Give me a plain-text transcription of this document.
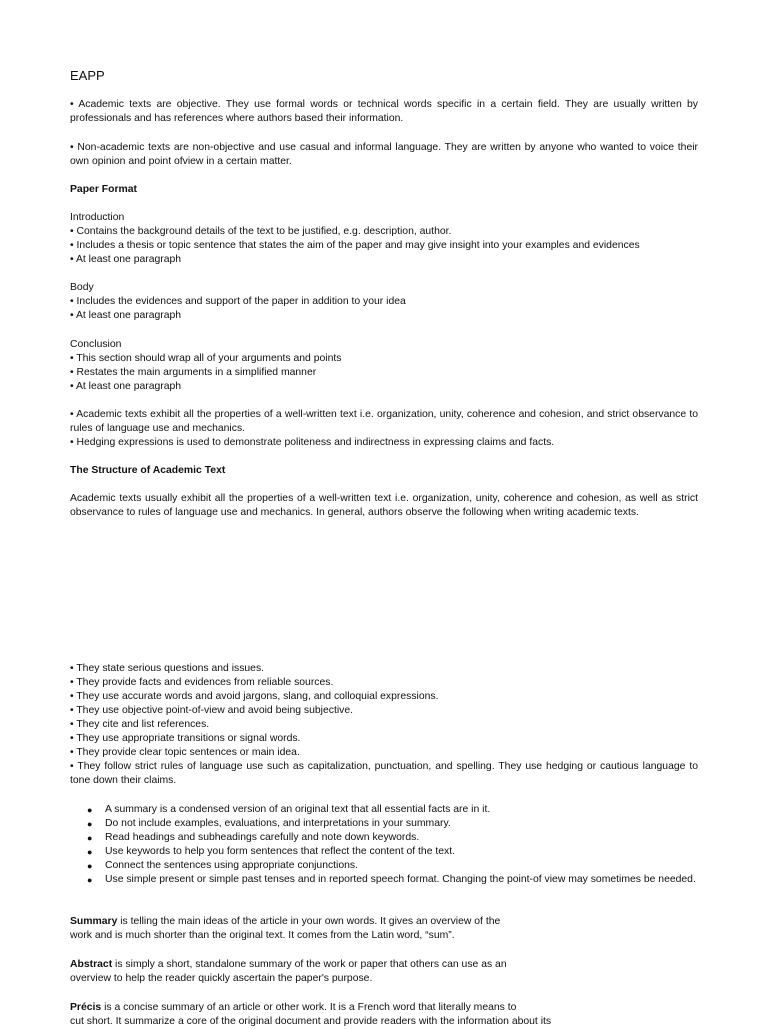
EAPP

• Academic texts are objective. They use formal words or technical words specific in a certain field. They are usually written by professionals and has references where authors based their information.

• Non-academic texts are non-objective and use casual and informal language. They are written by anyone who wanted to voice their own opinion and point ofview in a certain matter.

Paper Format
Introduction
• Contains the background details of the text to be justified, e.g. description, author.
• Includes a thesis or topic sentence that states the aim of the paper and may give insight into your examples and evidences
• At least one paragraph
Body
• Includes the evidences and support of the paper in addition to your idea
• At least one paragraph
Conclusion
• This section should wrap all of your arguments and points
• Restates the main arguments in a simplified manner
• At least one paragraph

• Academic texts exhibit all the properties of a well-written text i.e. organization, unity, coherence and cohesion, and strict observance to rules of language use and mechanics.

• Hedging expressions is used to demonstrate politeness and indirectness in expressing claims and facts.

The Structure of Academic Text

Academic texts usually exhibit all the properties of a well-written text i.e. organization, unity, coherence and cohesion, as well as strict observance to rules of language use and mechanics. In general, authors observe the following when writing academic texts.

• They state serious questions and issues.
• They provide facts and evidences from reliable sources.
• They use accurate words and avoid jargons, slang, and colloquial expressions.
• They use objective point-of-view and avoid being subjective.
• They cite and list references.
• They use appropriate transitions or signal words.
• They provide clear topic sentences or main idea.

• They follow strict rules of language use such as capitalization, punctuation, and spelling. They use hedging or cautious language to tone down their claims.

● A summary is a condensed version of an original text that all essential facts are in it.
● Do not include examples, evaluations, and interpretations in your summary.
● Read headings and subheadings carefully and note down keywords.
● Use keywords to help you form sentences that reflect the content of the text.
● Connect the sentences using appropriate conjunctions.
● Use simple present or simple past tenses and in reported speech format. Changing the point-of view may sometimes be needed.
Summary is telling the main ideas of the article in your own words. It gives an overview of the
work and is much shorter than the original text. It comes from the Latin word, “sum”.
Abstract is simply a short, standalone summary of the work or paper that others can use as an
overview to help the reader quickly ascertain the paper's purpose.
Précis is a concise summary of an article or other work. It is a French word that literally means to
cut short. It summarize a core of the original document and provide readers with the information about its
